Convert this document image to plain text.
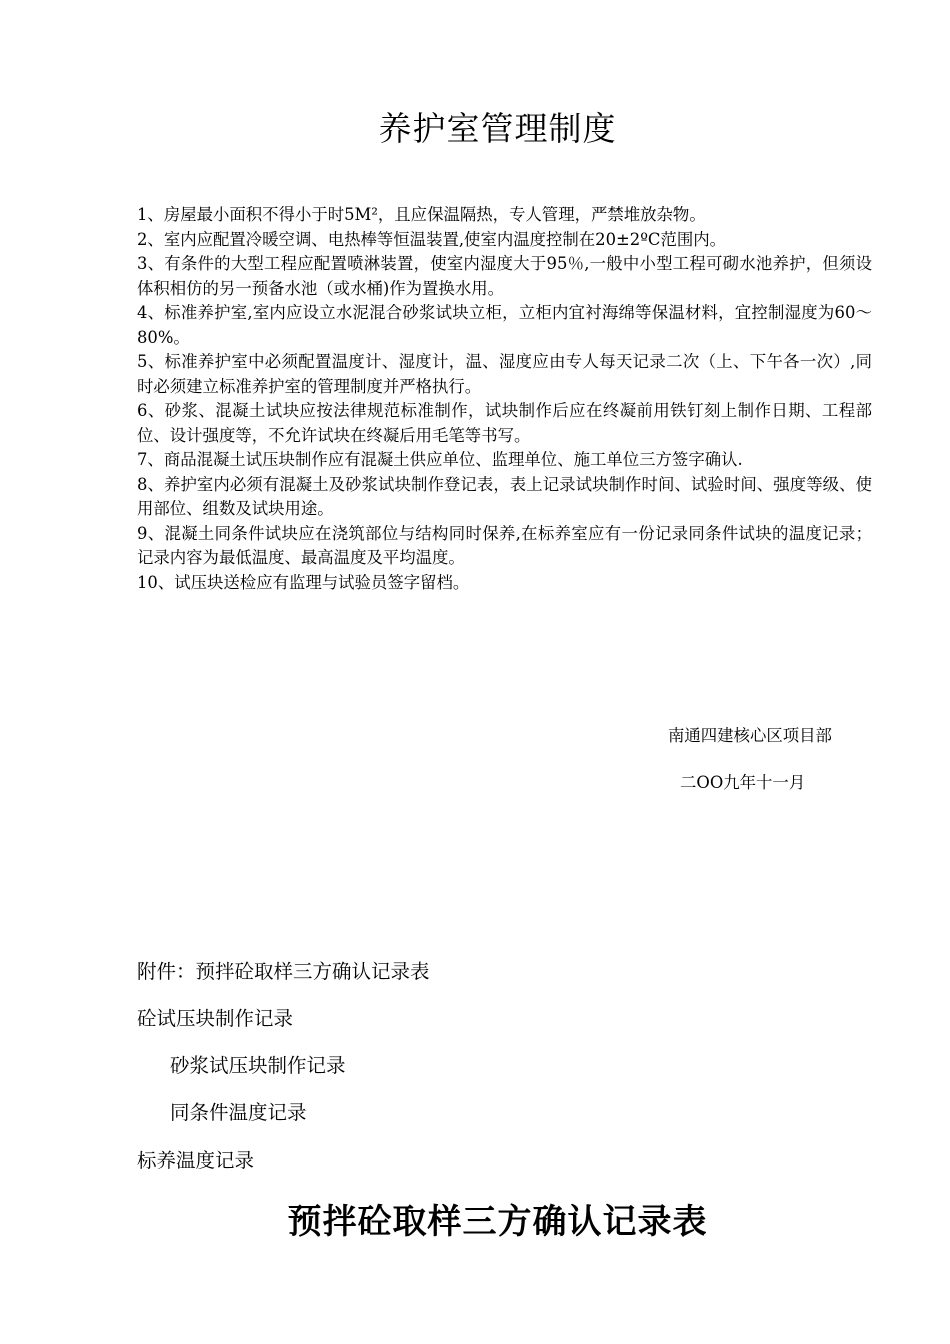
养护室管理制度
1、房屋最小面积不得小于时5M²，且应保温隔热，专人管理，严禁堆放杂物。
2、室内应配置冷暖空调、电热棒等恒温装置,使室内温度控制在20±2ºC范围内。
3、有条件的大型工程应配置喷淋装置，使室内湿度大于95％,一般中小型工程可砌水池养护，但须设体积相仿的另一预备水池（或水桶)作为置换水用。
4、标准养护室,室内应设立水泥混合砂浆试块立柜，立柜内宜衬海绵等保温材料，宜控制湿度为60～80%。
5、标准养护室中必须配置温度计、湿度计，温、湿度应由专人每天记录二次（上、下午各一次）,同时必须建立标准养护室的管理制度并严格执行。
6、砂浆、混凝土试块应按法律规范标准制作，试块制作后应在终凝前用铁钉刻上制作日期、工程部位、设计强度等，不允许试块在终凝后用毛笔等书写。
7、商品混凝土试压块制作应有混凝土供应单位、监理单位、施工单位三方签字确认.
8、养护室内必须有混凝土及砂浆试块制作登记表，表上记录试块制作时间、试验时间、强度等级、使用部位、组数及试块用途。
9、混凝土同条件试块应在浇筑部位与结构同时保养,在标养室应有一份记录同条件试块的温度记录；记录内容为最低温度、最高温度及平均温度。
10、试压块送检应有监理与试验员签字留档。
南通四建核心区项目部
二OO九年十一月
附件：预拌砼取样三方确认记录表
砼试压块制作记录
砂浆试压块制作记录
同条件温度记录
标养温度记录
预拌砼取样三方确认记录表
